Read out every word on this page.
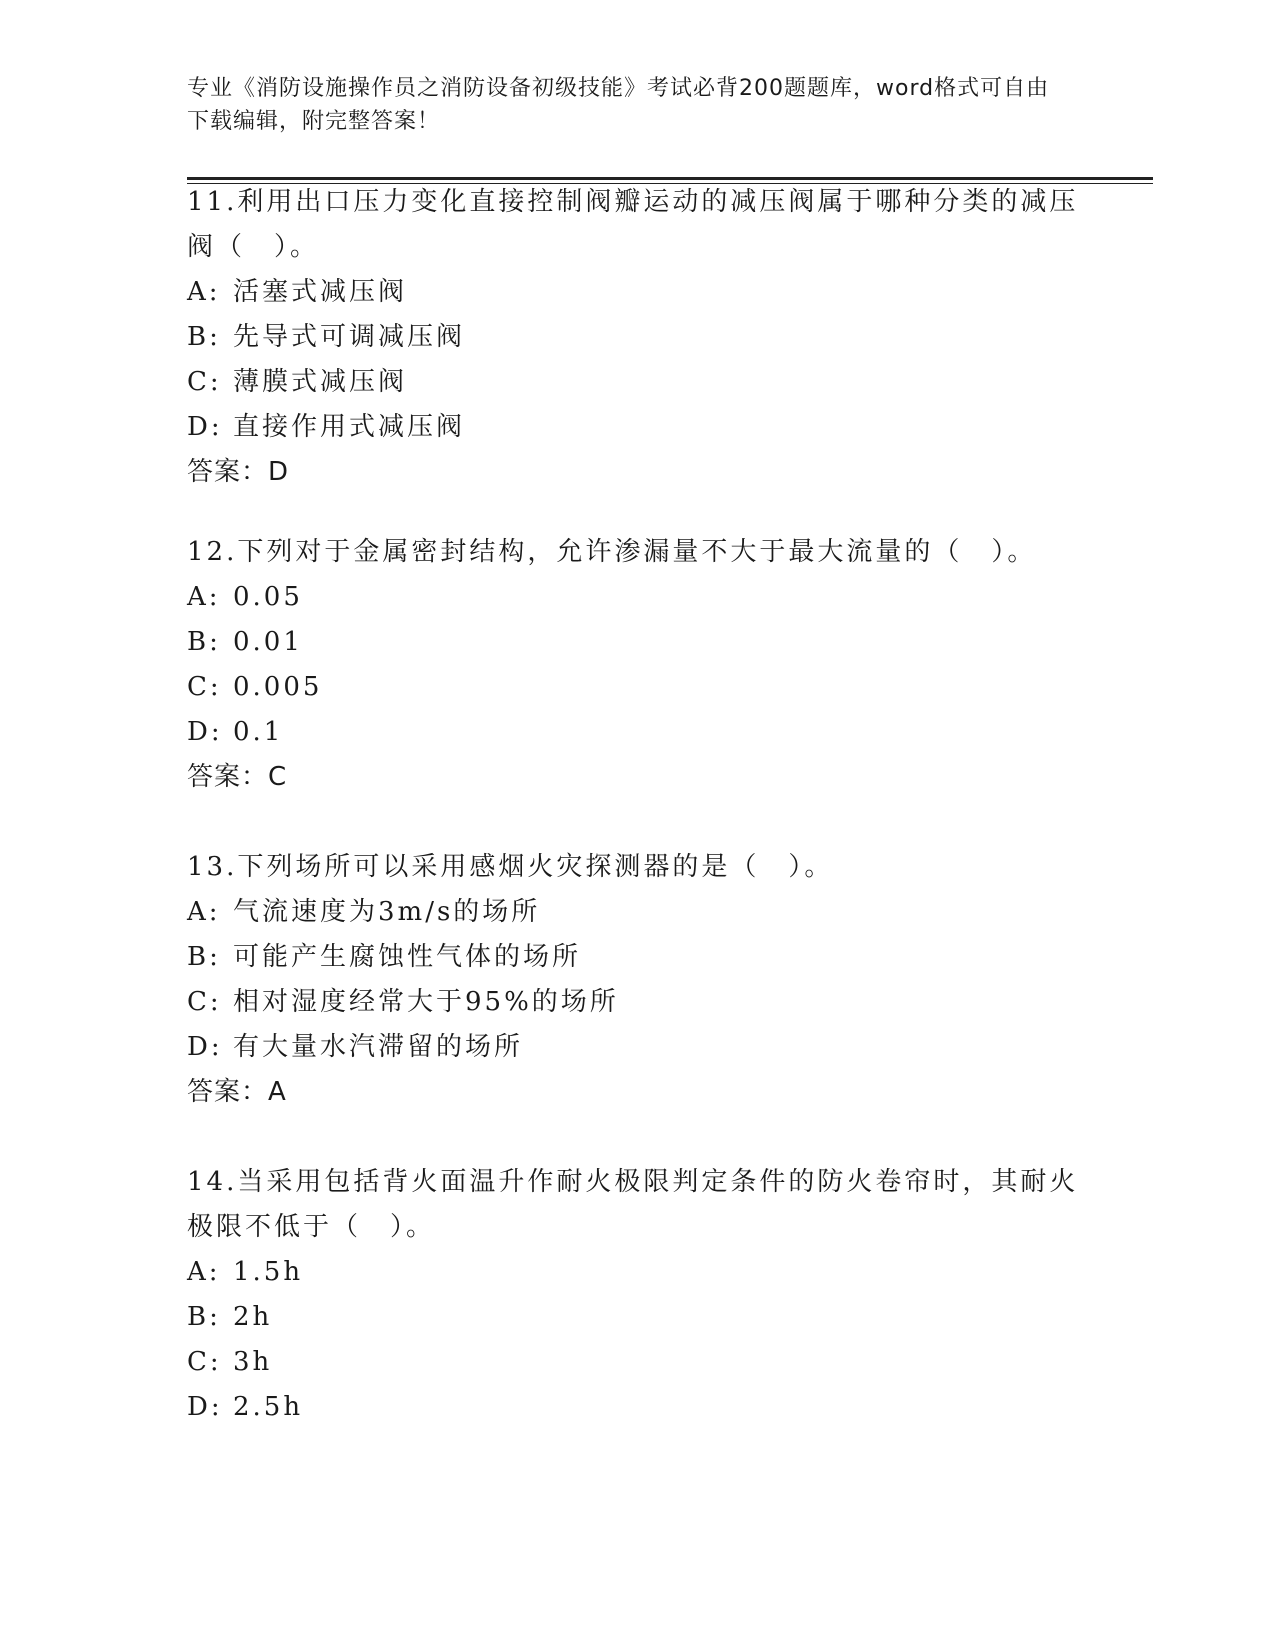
专业《消防设施操作员之消防设备初级技能》考试必背200题题库，word格式可自由下载编辑，附完整答案！

11.利用出口压力变化直接控制阀瓣运动的减压阀属于哪种分类的减压阀（　）。

A: 活塞式减压阀

B: 先导式可调减压阀

C: 薄膜式减压阀

D: 直接作用式减压阀

答案：D

12.下列对于金属密封结构，允许渗漏量不大于最大流量的（　）。

A: 0.05

B: 0.01

C: 0.005

D: 0.1

答案：C

13.下列场所可以采用感烟火灾探测器的是（　）。

A: 气流速度为3m/s的场所

B: 可能产生腐蚀性气体的场所

C: 相对湿度经常大于95%的场所

D: 有大量水汽滞留的场所

答案：A

14.当采用包括背火面温升作耐火极限判定条件的防火卷帘时，其耐火极限不低于（　）。

A: 1.5h

B: 2h

C: 3h

D: 2.5h
